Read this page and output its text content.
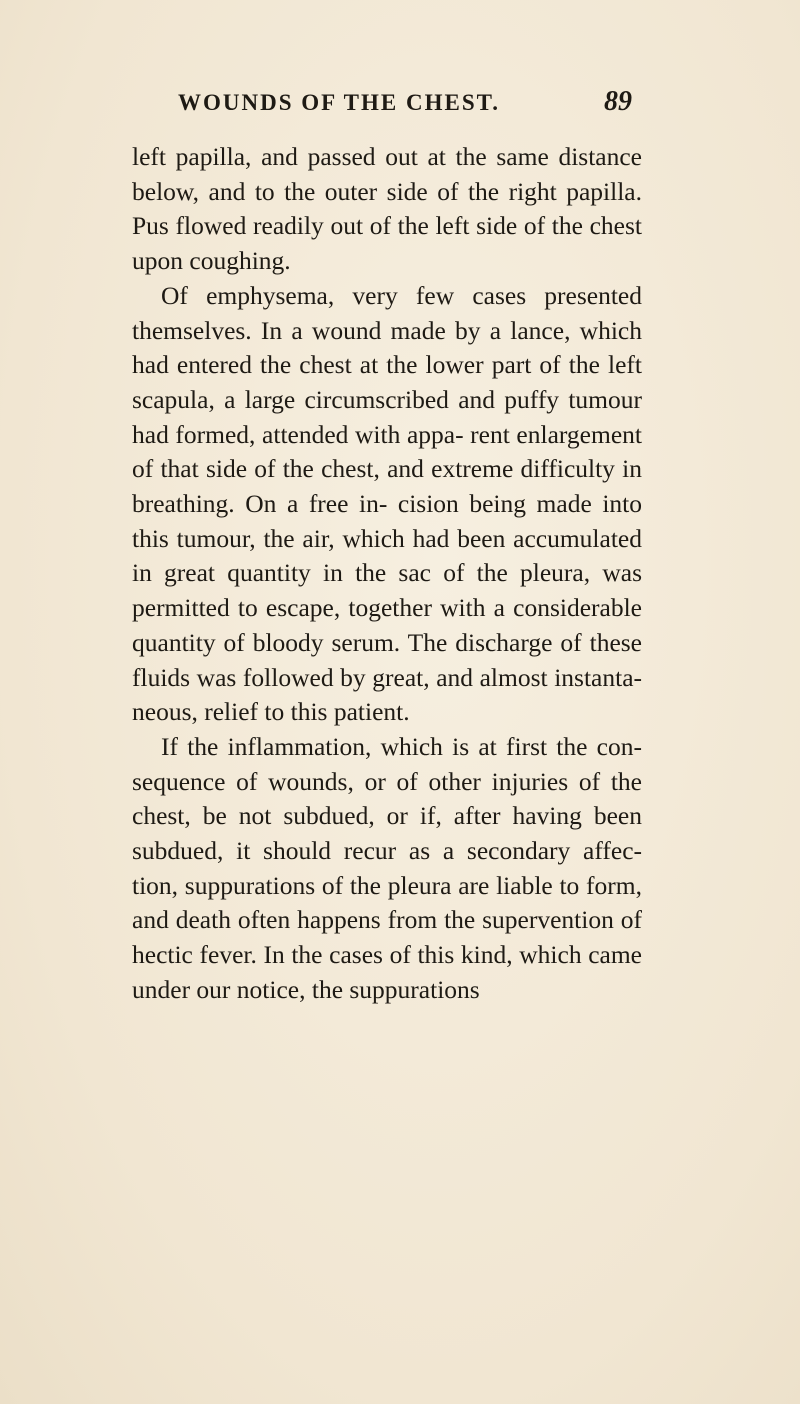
WOUNDS OF THE CHEST.	89

left papilla, and passed out at the same distance below, and to the outer side of the right papilla. Pus flowed readily out of the left side of the chest upon coughing.

Of emphysema, very few cases presented themselves. In a wound made by a lance, which had entered the chest at the lower part of the left scapula, a large circumscribed and puffy tumour had formed, attended with appa- rent enlargement of that side of the chest, and extreme difficulty in breathing. On a free in- cision being made into this tumour, the air, which had been accumulated in great quantity in the sac of the pleura, was permitted to escape, together with a considerable quantity of bloody serum. The discharge of these fluids was followed by great, and almost instanta- neous, relief to this patient.

If the inflammation, which is at first the con- sequence of wounds, or of other injuries of the chest, be not subdued, or if, after having been subdued, it should recur as a secondary affec- tion, suppurations of the pleura are liable to form, and death often happens from the supervention of hectic fever. In the cases of this kind, which came under our notice, the suppurations
